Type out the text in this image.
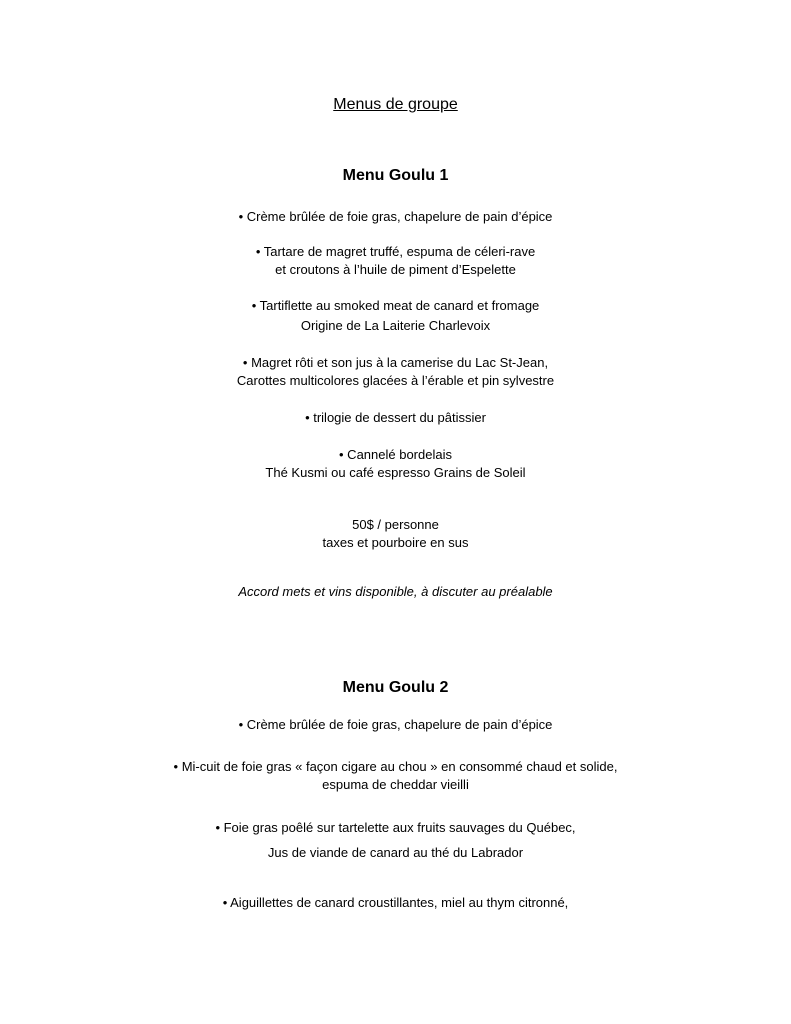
Menus de groupe
Menu Goulu 1
• Crème brûlée de foie gras, chapelure de pain d’épice
• Tartare de magret truffé, espuma de céleri-rave
et croutons à l’huile de piment d’Espelette
• Tartiflette au smoked meat de canard et fromage
Origine de La Laiterie Charlevoix
• Magret rôti et son jus à la camerise du Lac St-Jean,
Carottes multicolores glacées à l’érable et pin sylvestre
• trilogie de dessert du pâtissier
• Cannelé bordelais
Thé Kusmi ou café espresso Grains de Soleil
50$ / personne
taxes et pourboire en sus
Accord mets et vins disponible, à discuter au préalable
Menu Goulu 2
• Crème brûlée de foie gras, chapelure de pain d’épice
• Mi-cuit de foie gras « façon cigare au chou » en consommé chaud et solide,
espuma de cheddar vieilli
• Foie gras poêlé sur tartelette aux fruits sauvages du Québec,
Jus de viande de canard au thé du Labrador
• Aiguillettes de canard croustillantes, miel au thym citronné,
